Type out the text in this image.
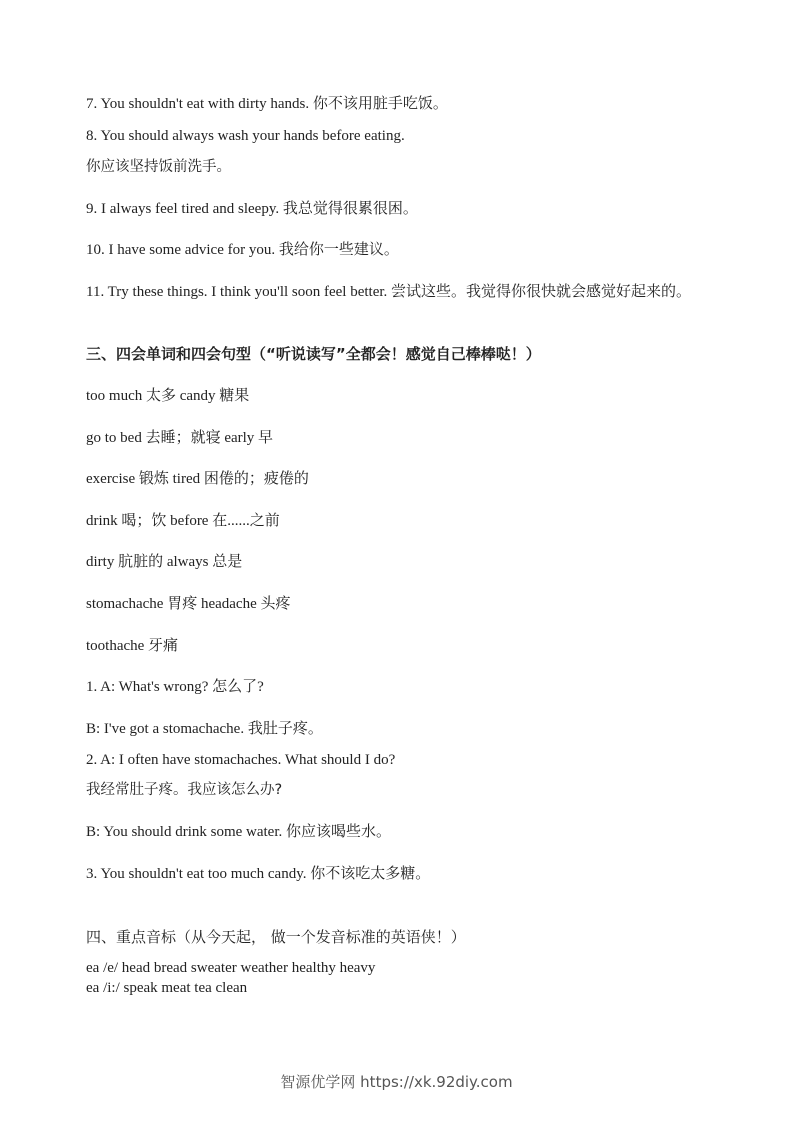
7. You shouldn't eat with dirty hands. 你不该用脏手吃饭。
8. You should always wash your hands before eating.
你应该坚持饭前洗手。
9. I always feel tired and sleepy. 我总觉得很累很困。
10. I have some advice for you. 我给你一些建议。
11. Try these things. I think you'll soon feel better. 尝试这些。我觉得你很快就会感觉好起来的。
三、四会单词和四会句型（“听说读写”全都会！感觉自己棒棒哒！）
too much 太多 candy 糖果
go to bed 去睡；就寝 early 早
exercise 锻炼 tired 困倦的；疲倦的
drink 喝；饮 before 在......之前
dirty 肮脏的 always 总是
stomachache 胃疼 headache 头疼
toothache 牙痛
1. A: What's wrong? 怎么了?
B: I've got a stomachache. 我肚子疼。
2. A: I often have stomachaches. What should I do?
我经常肚子疼。我应该怎么办?
B: You should drink some water. 你应该喝些水。
3. You shouldn't eat too much candy. 你不该吃太多糖。
四、重点音标（从今天起， 做一个发音标准的英语侠！）
ea /e/ head bread sweater weather healthy heavy
ea /i:/ speak meat tea clean
智源优学网 https://xk.92diy.com
